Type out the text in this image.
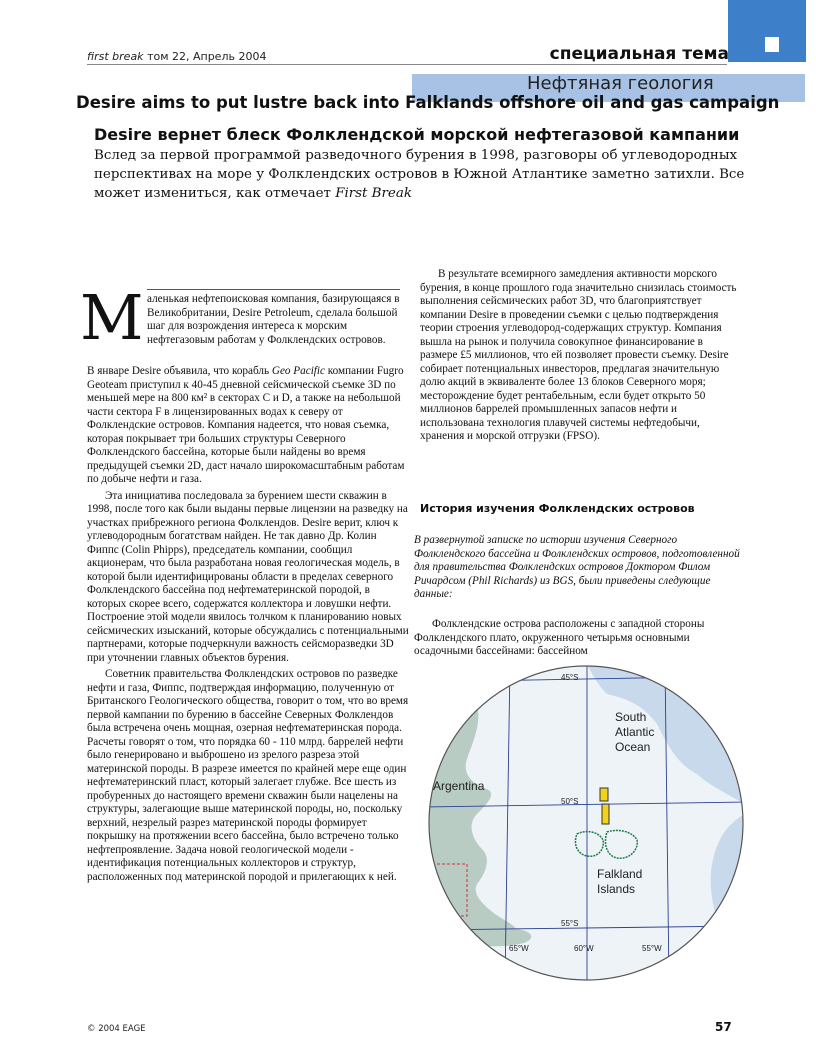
first break том 22, Апрель 2004	специальная тема
Нефтяная геология
Desire aims to put lustre back into Falklands offshore oil and gas campaign
Desire вернет блеск Фолклендской морской нефтегазовой кампании
Вслед за первой программой разведочного бурения в 1998, разговоры об углеводородных перспективах на море у Фолклендских островов в Южной Атлантике заметно затихли. Все может измениться, как отмечает First Break
М аленькая нефтепоисковая компания, базирующаяся в Великобритании, Desire Petroleum, сделала большой шаг для возрождения интереса к морским нефтегазовым работам у Фолклендских островов.

В январе Desire объявила, что корабль Geo Pacific компании Fugro Geoteam приступил к 40-45 дневной сейсмической съемке 3D по меньшей мере на 800 км² в секторах C и D, а также на небольшой части сектора F в лицензированных водах к северу от Фолклендские островов. Компания надеется, что новая съемка, которая покрывает три больших структуры Северного Фолклендского бассейна, которые были найдены во время предыдущей съемки 2D, даст начало широкомасштабным работам по добыче нефти и газа.

Эта инициатива последовала за бурением шести скважин в 1998, после того как были выданы первые лицензии на разведку на участках прибрежного региона Фолклендов. Desire верит, ключ к углеводородным богатствам найден. Не так давно Др. Колин Фиппс (Colin Phipps), председатель компании, сообщил акционерам, что была разработана новая геологическая модель, в которой были идентифицированы области в пределах северного Фолклендского бассейна под нефтематеринской породой, в которых скорее всего, содержатся коллектора и ловушки нефти. Построение этой модели явилось толчком к планированию новых сейсмических изысканий, которые обсуждались с потенциальными партнерами, которые подчеркнули важность сейсморазведки 3D при уточнении главных объектов бурения.

Советник правительства Фолклендских островов по разведке нефти и газа, Фиппс, подтверждая информацию, полученную от Британского Геологического общества, говорит о том, что во время первой кампании по бурению в бассейне Северных Фолклендов была встречена очень мощная, озерная нефтематеринская порода. Расчеты говорят о том, что порядка 60 - 110 млрд. баррелей нефти было генерировано и выброшено из зрелого разреза этой материнской породы. В разрезе имеется по крайней мере еще один нефтематеринский пласт, который залегает глубже. Все шесть из пробуренных до настоящего времени скважин были нацелены на структуры, залегающие выше материнской породы, но, поскольку верхний, незрелый разрез материнской породы формирует покрышку на протяжении всего бассейна, было встречено только нефтепроявление. Задача новой геологической модели - идентификация потенциальных коллекторов и структур, расположенных под материнской породой и прилегающих к ней.

В результате всемирного замедления активности морского бурения, в конце прошлого года значительно снизилась стоимость выполнения сейсмических работ 3D, что благоприятствует компании Desire в проведении съемки с целью подтверждения теории строения углеводород-содержащих структур. Компания вышла на рынок и получила совокупное финансирование в размере £5 миллионов, что ей позволяет провести съемку. Desire собирает потенциальных инвесторов, предлагая значительную долю акций в эквиваленте более 13 блоков Северного моря; месторождение будет рентабельным, если будет открыто 50 миллионов баррелей промышленных запасов нефти и использована технология плавучей системы нефтедобычи, хранения и морской отгрузки (FPSO).

История изучения Фолклендских островов
В развернутой записке по истории изучения Северного Фолклендского бассейна и Фолклендских островов, подготовленной для правительства Фолклендских островов Доктором Филом Ричардсом (Phil Richards) из BGS, были приведены следующие данные:

Фолклендские острова расположены с западной стороны Фолклендского плато, окруженного четырьмя основными осадочными бассейнами: бассейном

South
Atlantic
Ocean
Argentina
Falkland
Islands
45°S
50°S
55°S
65°W	60°W	55°W
© 2004 EAGE	57
